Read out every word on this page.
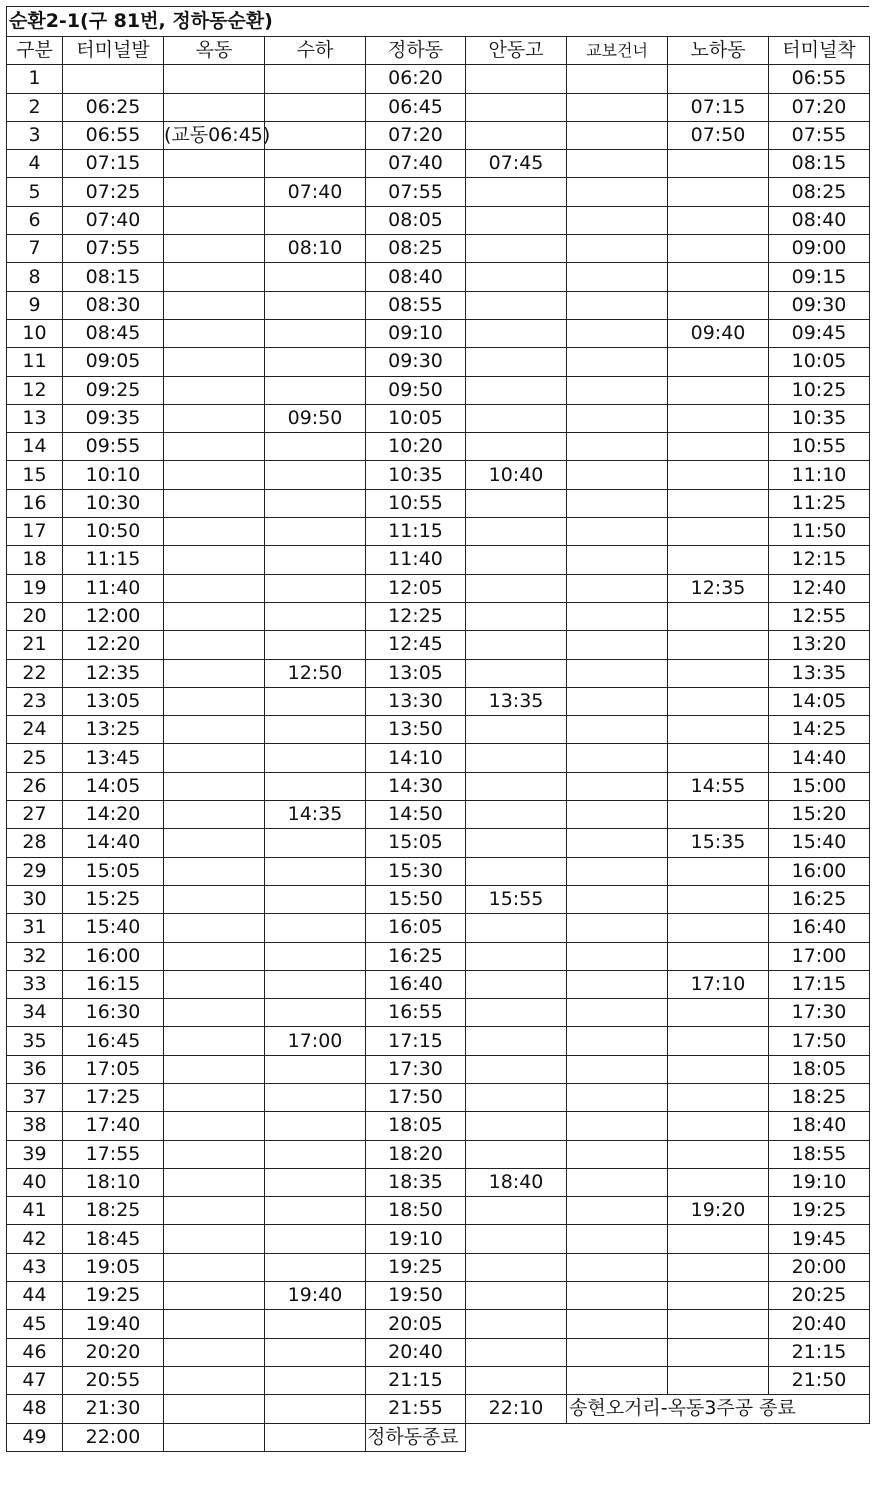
순환2-1(구 81번, 정하동순환)
구분	터미널발	옥동	수하	정하동	안동고	교보건너	노하동	터미널착
1				06:20				06:55
2	06:25			06:45			07:15	07:20
3	06:55	(교동06:45)		07:20			07:50	07:55
4	07:15			07:40	07:45			08:15
5	07:25		07:40	07:55				08:25
6	07:40			08:05				08:40
7	07:55		08:10	08:25				09:00
8	08:15			08:40				09:15
9	08:30			08:55				09:30
10	08:45			09:10			09:40	09:45
11	09:05			09:30				10:05
12	09:25			09:50				10:25
13	09:35		09:50	10:05				10:35
14	09:55			10:20				10:55
15	10:10			10:35	10:40			11:10
16	10:30			10:55				11:25
17	10:50			11:15				11:50
18	11:15			11:40				12:15
19	11:40			12:05			12:35	12:40
20	12:00			12:25				12:55
21	12:20			12:45				13:20
22	12:35		12:50	13:05				13:35
23	13:05			13:30	13:35			14:05
24	13:25			13:50				14:25
25	13:45			14:10				14:40
26	14:05			14:30			14:55	15:00
27	14:20		14:35	14:50				15:20
28	14:40			15:05			15:35	15:40
29	15:05			15:30				16:00
30	15:25			15:50	15:55			16:25
31	15:40			16:05				16:40
32	16:00			16:25				17:00
33	16:15			16:40			17:10	17:15
34	16:30			16:55				17:30
35	16:45		17:00	17:15				17:50
36	17:05			17:30				18:05
37	17:25			17:50				18:25
38	17:40			18:05				18:40
39	17:55			18:20				18:55
40	18:10			18:35	18:40			19:10
41	18:25			18:50			19:20	19:25
42	18:45			19:10				19:45
43	19:05			19:25				20:00
44	19:25		19:40	19:50				20:25
45	19:40			20:05				20:40
46	20:20			20:40				21:15
47	20:55			21:15				21:50
48	21:30			21:55	22:10	송현오거리-옥동3주공 종료		
49	22:00			정하동종료				
